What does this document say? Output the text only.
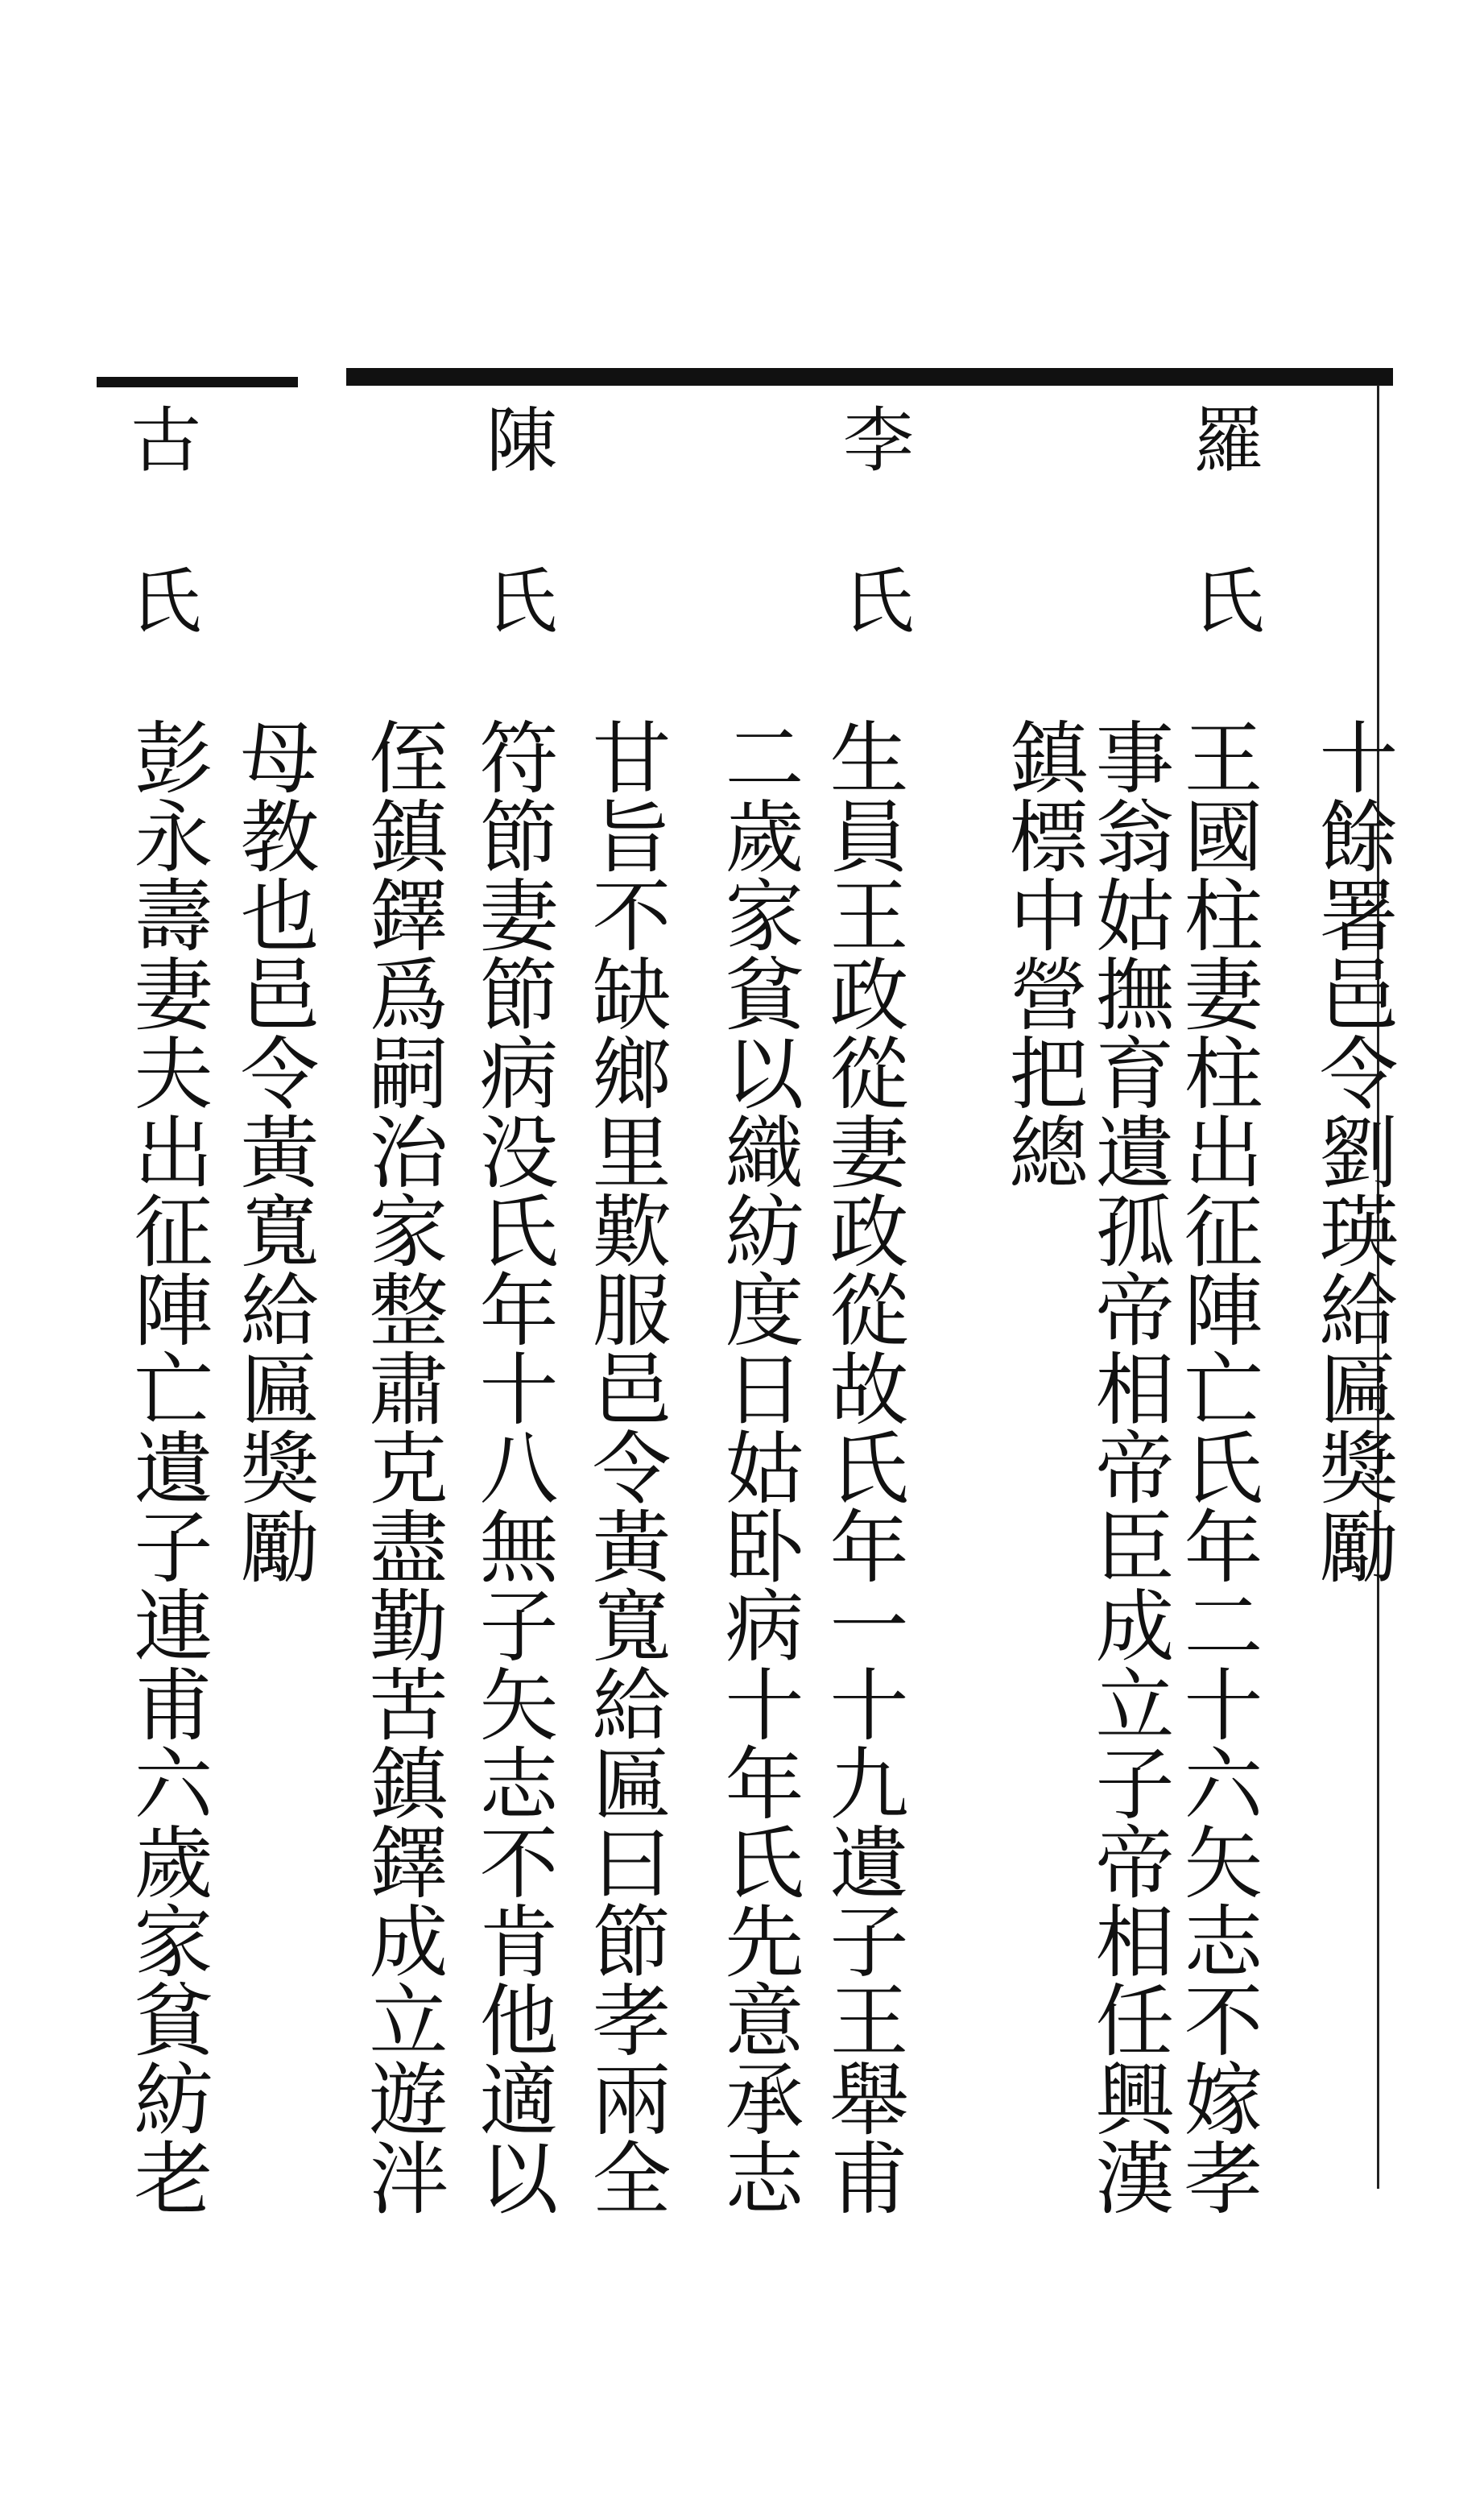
十餘署邑令劉瑛給匾獎勵
羅氏
王國柱妻柱出征陣亡氏年二十六矢志不嫁孝
事翁姑撫育遺孤帝相帝臣成立子帝相任興漢
鎮標中營把總
李氏
生員王政從妻政從故氏年一十九遺子王舉甫
二歲家貧以織紡度日姑卧病十年氏先意承志
甘旨不缺鄉里歎服邑令黃寬給匾曰節孝兩全
陳氏
符節妻節病没氏年十八無子矢志不肯他適以
侄鎮鐸爲嗣治家整肅克盡勤苦鎮鐸成立遊泮
母教也邑令黃寬給匾獎勵
古氏
彭永壽妻夫出征陣亡遺子連甫六歲家貧紡老
